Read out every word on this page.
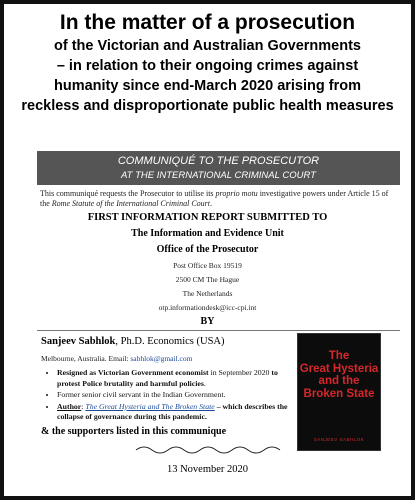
In the matter of a prosecution
of the Victorian and Australian Governments
– in relation to their ongoing crimes against
humanity since end-March 2020 arising from
reckless and disproportionate public health measures
COMMUNIQUÉ TO THE PROSECUTOR
AT THE INTERNATIONAL CRIMINAL COURT
This communiqué requests the Prosecutor to utilise its proprio motu investigative powers under Article 15 of the Rome Statute of the International Criminal Court.
FIRST INFORMATION REPORT SUBMITTED TO
The Information and Evidence Unit
Office of the Prosecutor
Post Office Box 19519
2500 CM The Hague
The Netherlands
otp.informationdesk@icc-cpi.int
BY
Sanjeev Sabhlok, Ph.D. Economics (USA)
Melbourne, Australia. Email: sabhlok@gmail.com
• Resigned as Victorian Government economist in September 2020 to protest Police brutality and harmful policies.
• Former senior civil servant in the Indian Government.
• Author: The Great Hysteria and The Broken State – which describes the collapse of governance during this pandemic.
& the supporters listed in this communique
The
Great Hysteria
and the
Broken State
SANJEEV SABHLOK
13 November 2020
